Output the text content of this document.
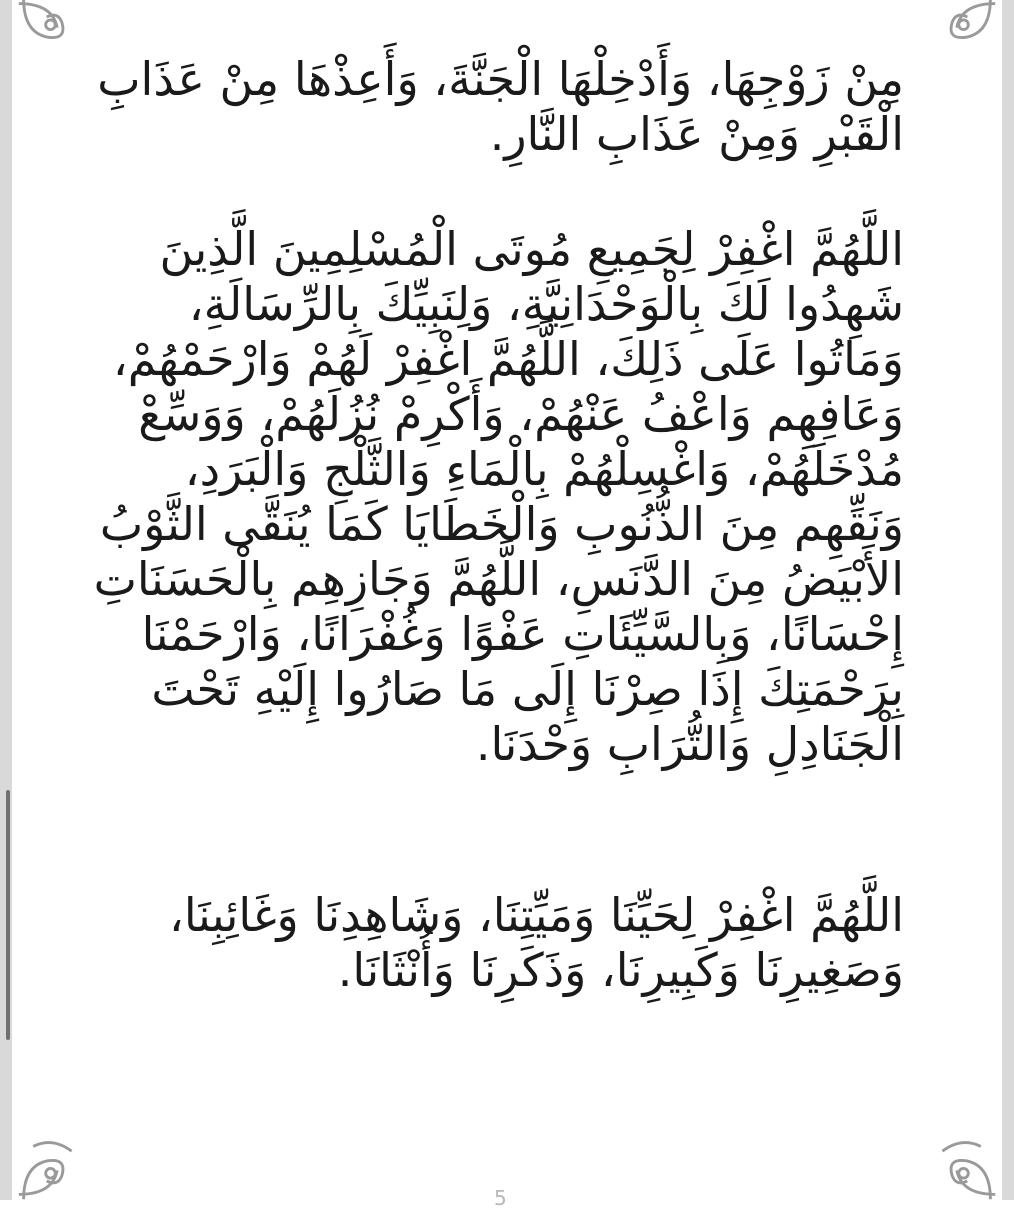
مِنْ زَوْجِهَا، وَأَدْخِلْهَا الْجَنَّةَ، وَأَعِذْهَا مِنْ عَذَابِ
الْقَبْرِ وَمِنْ عَذَابِ النَّارِ.
اللَّهُمَّ اغْفِرْ لِجَمِيعِ مُوتَى الْمُسْلِمِينَ الَّذِينَ
شَهِدُوا لَكَ بِالْوَحْدَانِيَّةِ، وَلِنَبِيِّكَ بِالرِّسَالَةِ،
وَمَاتُوا عَلَى ذَلِكَ، اللَّهُمَّ اغْفِرْ لَهُمْ وَارْحَمْهُمْ،
وَعَافِهِم وَاعْفُ عَنْهُمْ، وَأَكْرِمْ نُزُلَهُمْ، وَوَسِّعْ
مُدْخَلَهُمْ، وَاغْسِلْهُمْ بِالْمَاءِ وَالثَّلْجِ وَالْبَرَدِ،
وَنَقِّهِم مِنَ الذُّنُوبِ وَالْخَطَايَا كَمَا يُنَقَّى الثَّوْبُ
الأَبْيَضُ مِنَ الدَّنَسِ، اللَّهُمَّ وَجَازِهِم بِالْحَسَنَاتِ
إِحْسَانًا، وَبِالسَّيِّئَاتِ عَفْوًا وَغُفْرَانًا، وَارْحَمْنَا
بِرَحْمَتِكَ إِذَا صِرْنَا إِلَى مَا صَارُوا إِلَيْهِ تَحْتَ
الْجَنَادِلِ وَالتُّرَابِ وَحْدَنَا.
اللَّهُمَّ اغْفِرْ لِحَيِّنَا وَمَيِّتِنَا، وَشَاهِدِنَا وَغَائِبِنَا،
وَصَغِيرِنَا وَكَبِيرِنَا، وَذَكَرِنَا وَأُنْثَانَا.
5
